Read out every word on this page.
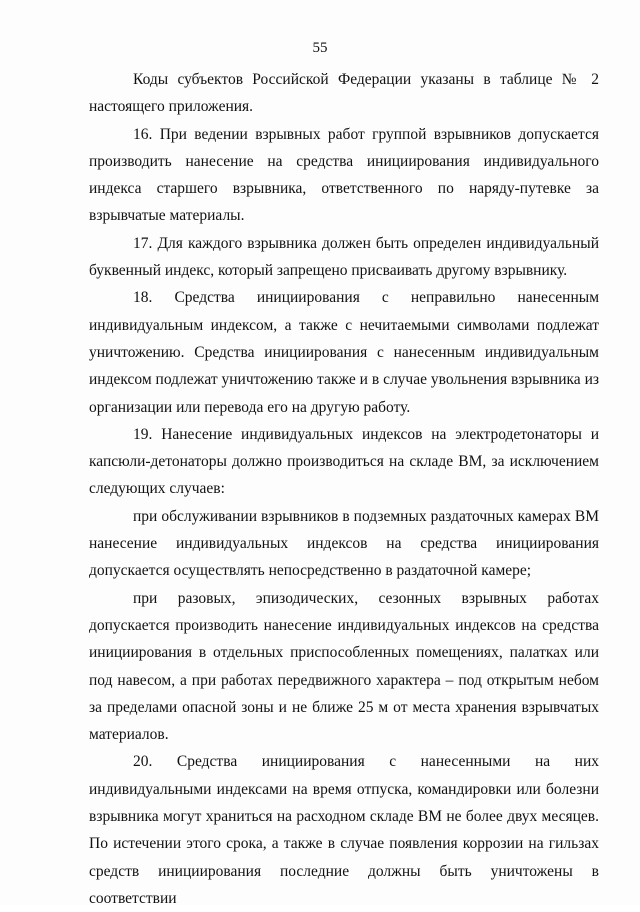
55

Коды субъектов Российской Федерации указаны в таблице № 2 настоящего приложения.

16. При ведении взрывных работ группой взрывников допускается производить нанесение на средства инициирования индивидуального индекса старшего взрывника, ответственного по наряду-путевке за взрывчатые материалы.

17. Для каждого взрывника должен быть определен индивидуальный буквенный индекс, который запрещено присваивать другому взрывнику.

18. Средства инициирования с неправильно нанесенным индивидуальным индексом, а также с нечитаемыми символами подлежат уничтожению. Средства инициирования с нанесенным индивидуальным индексом подлежат уничтожению также и в случае увольнения взрывника из организации или перевода его на другую работу.

19. Нанесение индивидуальных индексов на электродетонаторы и капсюли-детонаторы должно производиться на складе ВМ, за исключением следующих случаев:

при обслуживании взрывников в подземных раздаточных камерах ВМ нанесение индивидуальных индексов на средства инициирования допускается осуществлять непосредственно в раздаточной камере;

при разовых, эпизодических, сезонных взрывных работах допускается производить нанесение индивидуальных индексов на средства инициирования в отдельных приспособленных помещениях, палатках или под навесом, а при работах передвижного характера – под открытым небом за пределами опасной зоны и не ближе 25 м от места хранения взрывчатых материалов.

20. Средства инициирования с нанесенными на них индивидуальными индексами на время отпуска, командировки или болезни взрывника могут храниться на расходном складе ВМ не более двух месяцев. По истечении этого срока, а также в случае появления коррозии на гильзах средств инициирования последние должны быть уничтожены в соответствии
